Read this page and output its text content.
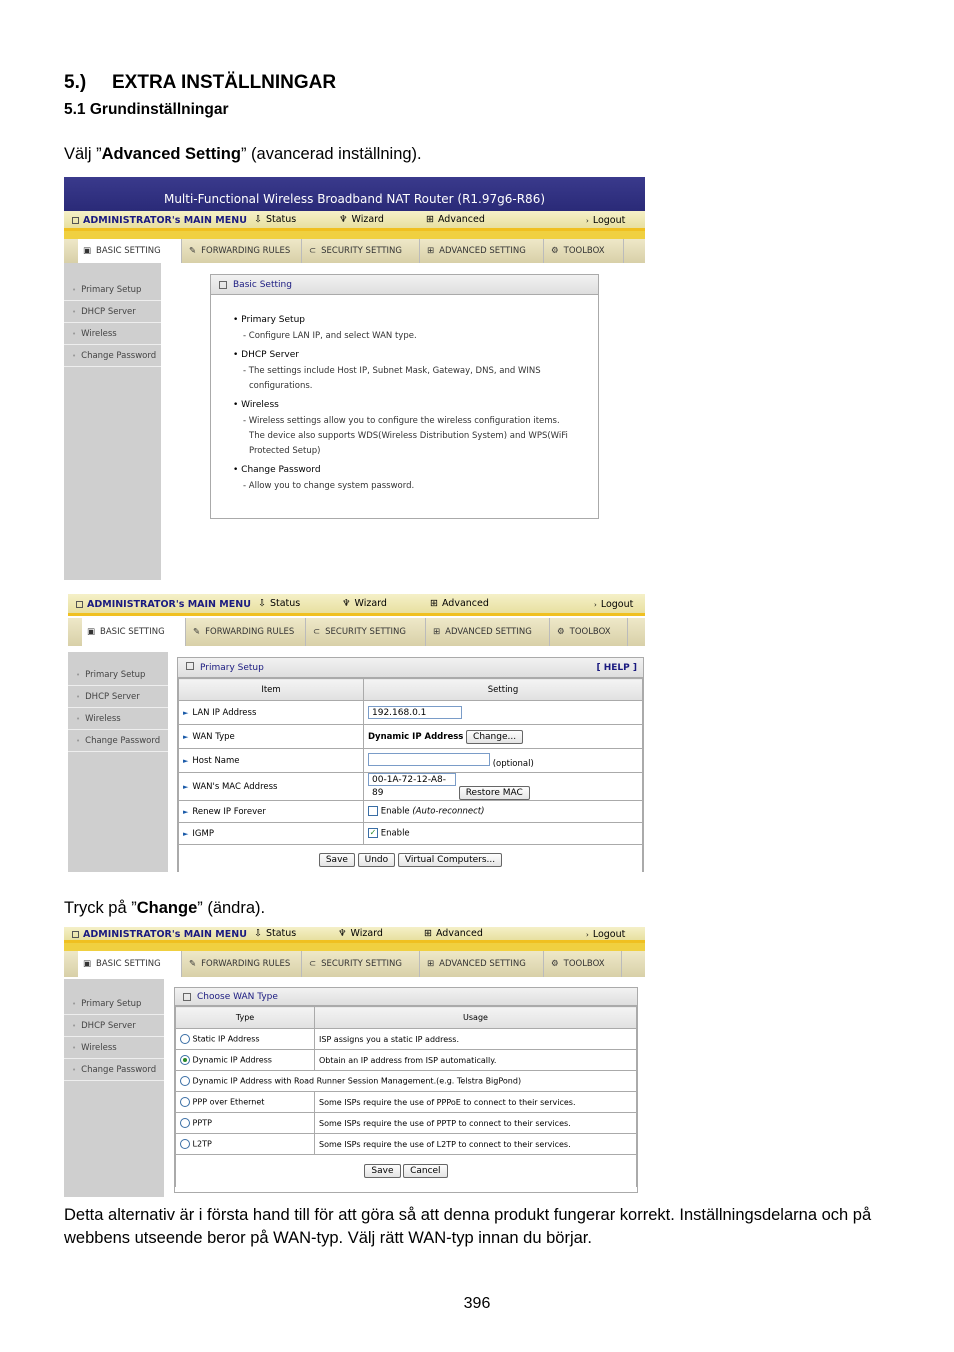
5.) EXTRA INSTÄLLNINGAR
5.1 Grundinställningar
Välj ”Advanced Setting” (avancerad inställning).
Multi-Functional Wireless Broadband NAT Router (R1.97g6-R86)
ADMINISTRATOR's MAIN MENU ⇩ Status	♆ Wizard	⊞ Advanced	› Logout
▣ BASIC SETTING	✎ FORWARDING RULES ⊂ SECURITY SETTING	⊞ ADVANCED SETTING	⚙ TOOLBOX
• Primary Setup
• DHCP Server
• Wireless
• Change Password
Basic Setting
• Primary Setup
- Configure LAN IP, and select WAN type.
• DHCP Server
- The settings include Host IP, Subnet Mask, Gateway, DNS, and WINS
configurations.
• Wireless
- Wireless settings allow you to configure the wireless configuration items.
The device also supports WDS(Wireless Distribution System) and WPS(WiFi
Protected Setup)
• Change Password
- Allow you to change system password.
ADMINISTRATOR's MAIN MENU ⇩ Status	♆ Wizard	⊞ Advanced	› Logout
▣ BASIC SETTING	✎ FORWARDING RULES ⊂ SECURITY SETTING	⊞ ADVANCED SETTING	⚙ TOOLBOX
• Primary Setup
• DHCP Server
• Wireless
• Change Password
Primary Setup	[ HELP ]
Item	Setting
► LAN IP Address	192.168.0.1
► WAN Type	Dynamic IP Address Change...
► Host Name	(optional)
► WAN's MAC Address	00-1A-72-12-A8-89 Restore MAC
► Renew IP Forever	Enable (Auto-reconnect)
► IGMP	✓ Enable
Save Undo Virtual Computers...	
Tryck på ”Change” (ändra).
ADMINISTRATOR's MAIN MENU ⇩ Status	♆ Wizard	⊞ Advanced	› Logout
▣ BASIC SETTING	✎ FORWARDING RULES ⊂ SECURITY SETTING	⊞ ADVANCED SETTING	⚙ TOOLBOX
• Primary Setup
• DHCP Server
• Wireless
• Change Password
Choose WAN Type
Type	Usage
Static IP Address	ISP assigns you a static IP address.
Dynamic IP Address	Obtain an IP address from ISP automatically.
Dynamic IP Address with Road Runner Session Management.(e.g. Telstra BigPond)	
PPP over Ethernet	Some ISPs require the use of PPPoE to connect to their services.
PPTP	Some ISPs require the use of PPTP to connect to their services.
L2TP	Some ISPs require the use of L2TP to connect to their services.
Save Cancel	
Detta alternativ är i första hand till för att göra så att denna produkt fungerar korrekt. Inställningsdelarna och på webbens utseende beror på WAN-typ. Välj rätt WAN-typ innan du börjar.
396
